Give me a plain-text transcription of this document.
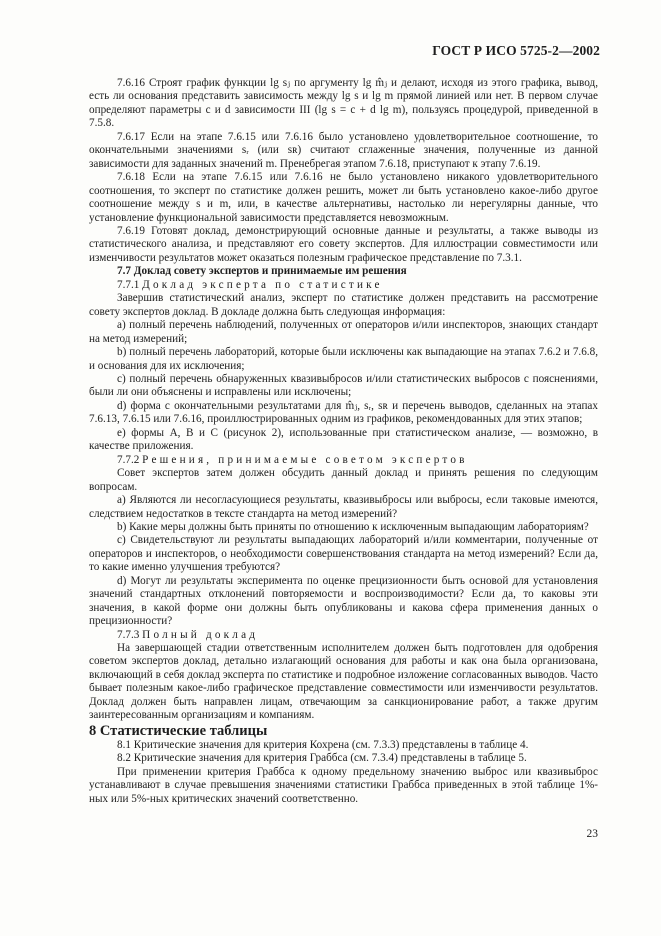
ГОСТ Р ИСО 5725-2—2002

7.6.16 Строят график функции lg sⱼ по аргументу lg m̂ⱼ и делают, исходя из этого графика, вывод, есть ли основания представить зависимость между lg s и lg m прямой линией или нет. В первом случае определяют параметры c и d зависимости III (lg s = c + d lg m), пользуясь процедурой, приведенной в 7.5.8.

7.6.17 Если на этапе 7.6.15 или 7.6.16 было установлено удовлетворительное соотношение, то окончательными значениями sᵣ (или sʀ) считают сглаженные значения, полученные из данной зависимости для заданных значений m. Пренебрегая этапом 7.6.18, приступают к этапу 7.6.19.

7.6.18 Если на этапе 7.6.15 или 7.6.16 не было установлено никакого удовлетворительного соотношения, то эксперт по статистике должен решить, может ли быть установлено какое-либо другое соотношение между s и m, или, в качестве альтернативы, настолько ли нерегулярны данные, что установление функциональной зависимости представляется невозможным.

7.6.19 Готовят доклад, демонстрирующий основные данные и результаты, а также выводы из статистического анализа, и представляют его совету экспертов. Для иллюстрации совместимости или изменчивости результатов может оказаться полезным графическое представление по 7.3.1.

7.7 Доклад совету экспертов и принимаемые им решения

7.7.1 Доклад эксперта по статистике

Завершив статистический анализ, эксперт по статистике должен представить на рассмотрение совету экспертов доклад. В докладе должна быть следующая информация:

а) полный перечень наблюдений, полученных от операторов и/или инспекторов, знающих стандарт на метод измерений;

b) полный перечень лабораторий, которые были исключены как выпадающие на этапах 7.6.2 и 7.6.8, и основания для их исключения;

c) полный перечень обнаруженных квазивыбросов и/или статистических выбросов с пояснениями, были ли они объяснены и исправлены или исключены;

d) форма с окончательными результатами для m̂ⱼ, sᵣ, sʀ и перечень выводов, сделанных на этапах 7.6.13, 7.6.15 или 7.6.16, проиллюстрированных одним из графиков, рекомендованных для этих этапов;

e) формы А, В и С (рисунок 2), использованные при статистическом анализе, — возможно, в качестве приложения.

7.7.2 Решения, принимаемые советом экспертов

Совет экспертов затем должен обсудить данный доклад и принять решения по следующим вопросам.

а) Являются ли несогласующиеся результаты, квазивыбросы или выбросы, если таковые имеются, следствием недостатков в тексте стандарта на метод измерений?

b) Какие меры должны быть приняты по отношению к исключенным выпадающим лабораториям?

c) Свидетельствуют ли результаты выпадающих лабораторий и/или комментарии, полученные от операторов и инспекторов, о необходимости совершенствования стандарта на метод измерений? Если да, то какие именно улучшения требуются?

d) Могут ли результаты эксперимента по оценке прецизионности быть основой для установления значений стандартных отклонений повторяемости и воспроизводимости? Если да, то каковы эти значения, в какой форме они должны быть опубликованы и какова сфера применения данных о прецизионности?

7.7.3 Полный доклад

На завершающей стадии ответственным исполнителем должен быть подготовлен для одобрения советом экспертов доклад, детально излагающий основания для работы и как она была организована, включающий в себя доклад эксперта по статистике и подробное изложение согласованных выводов. Часто бывает полезным какое-либо графическое представление совместимости или изменчивости результатов. Доклад должен быть направлен лицам, отвечающим за санкционирование работ, а также другим заинтересованным организациям и компаниям.

8 Статистические таблицы

8.1 Критические значения для критерия Кохрена (см. 7.3.3) представлены в таблице 4.

8.2 Критические значения для критерия Граббса (см. 7.3.4) представлены в таблице 5.

При применении критерия Граббса к одному предельному значению выброс или квазивыброс устанавливают в случае превышения значениями статистики Граббса приведенных в этой таблице 1%-ных или 5%-ных критических значений соответственно.

23
